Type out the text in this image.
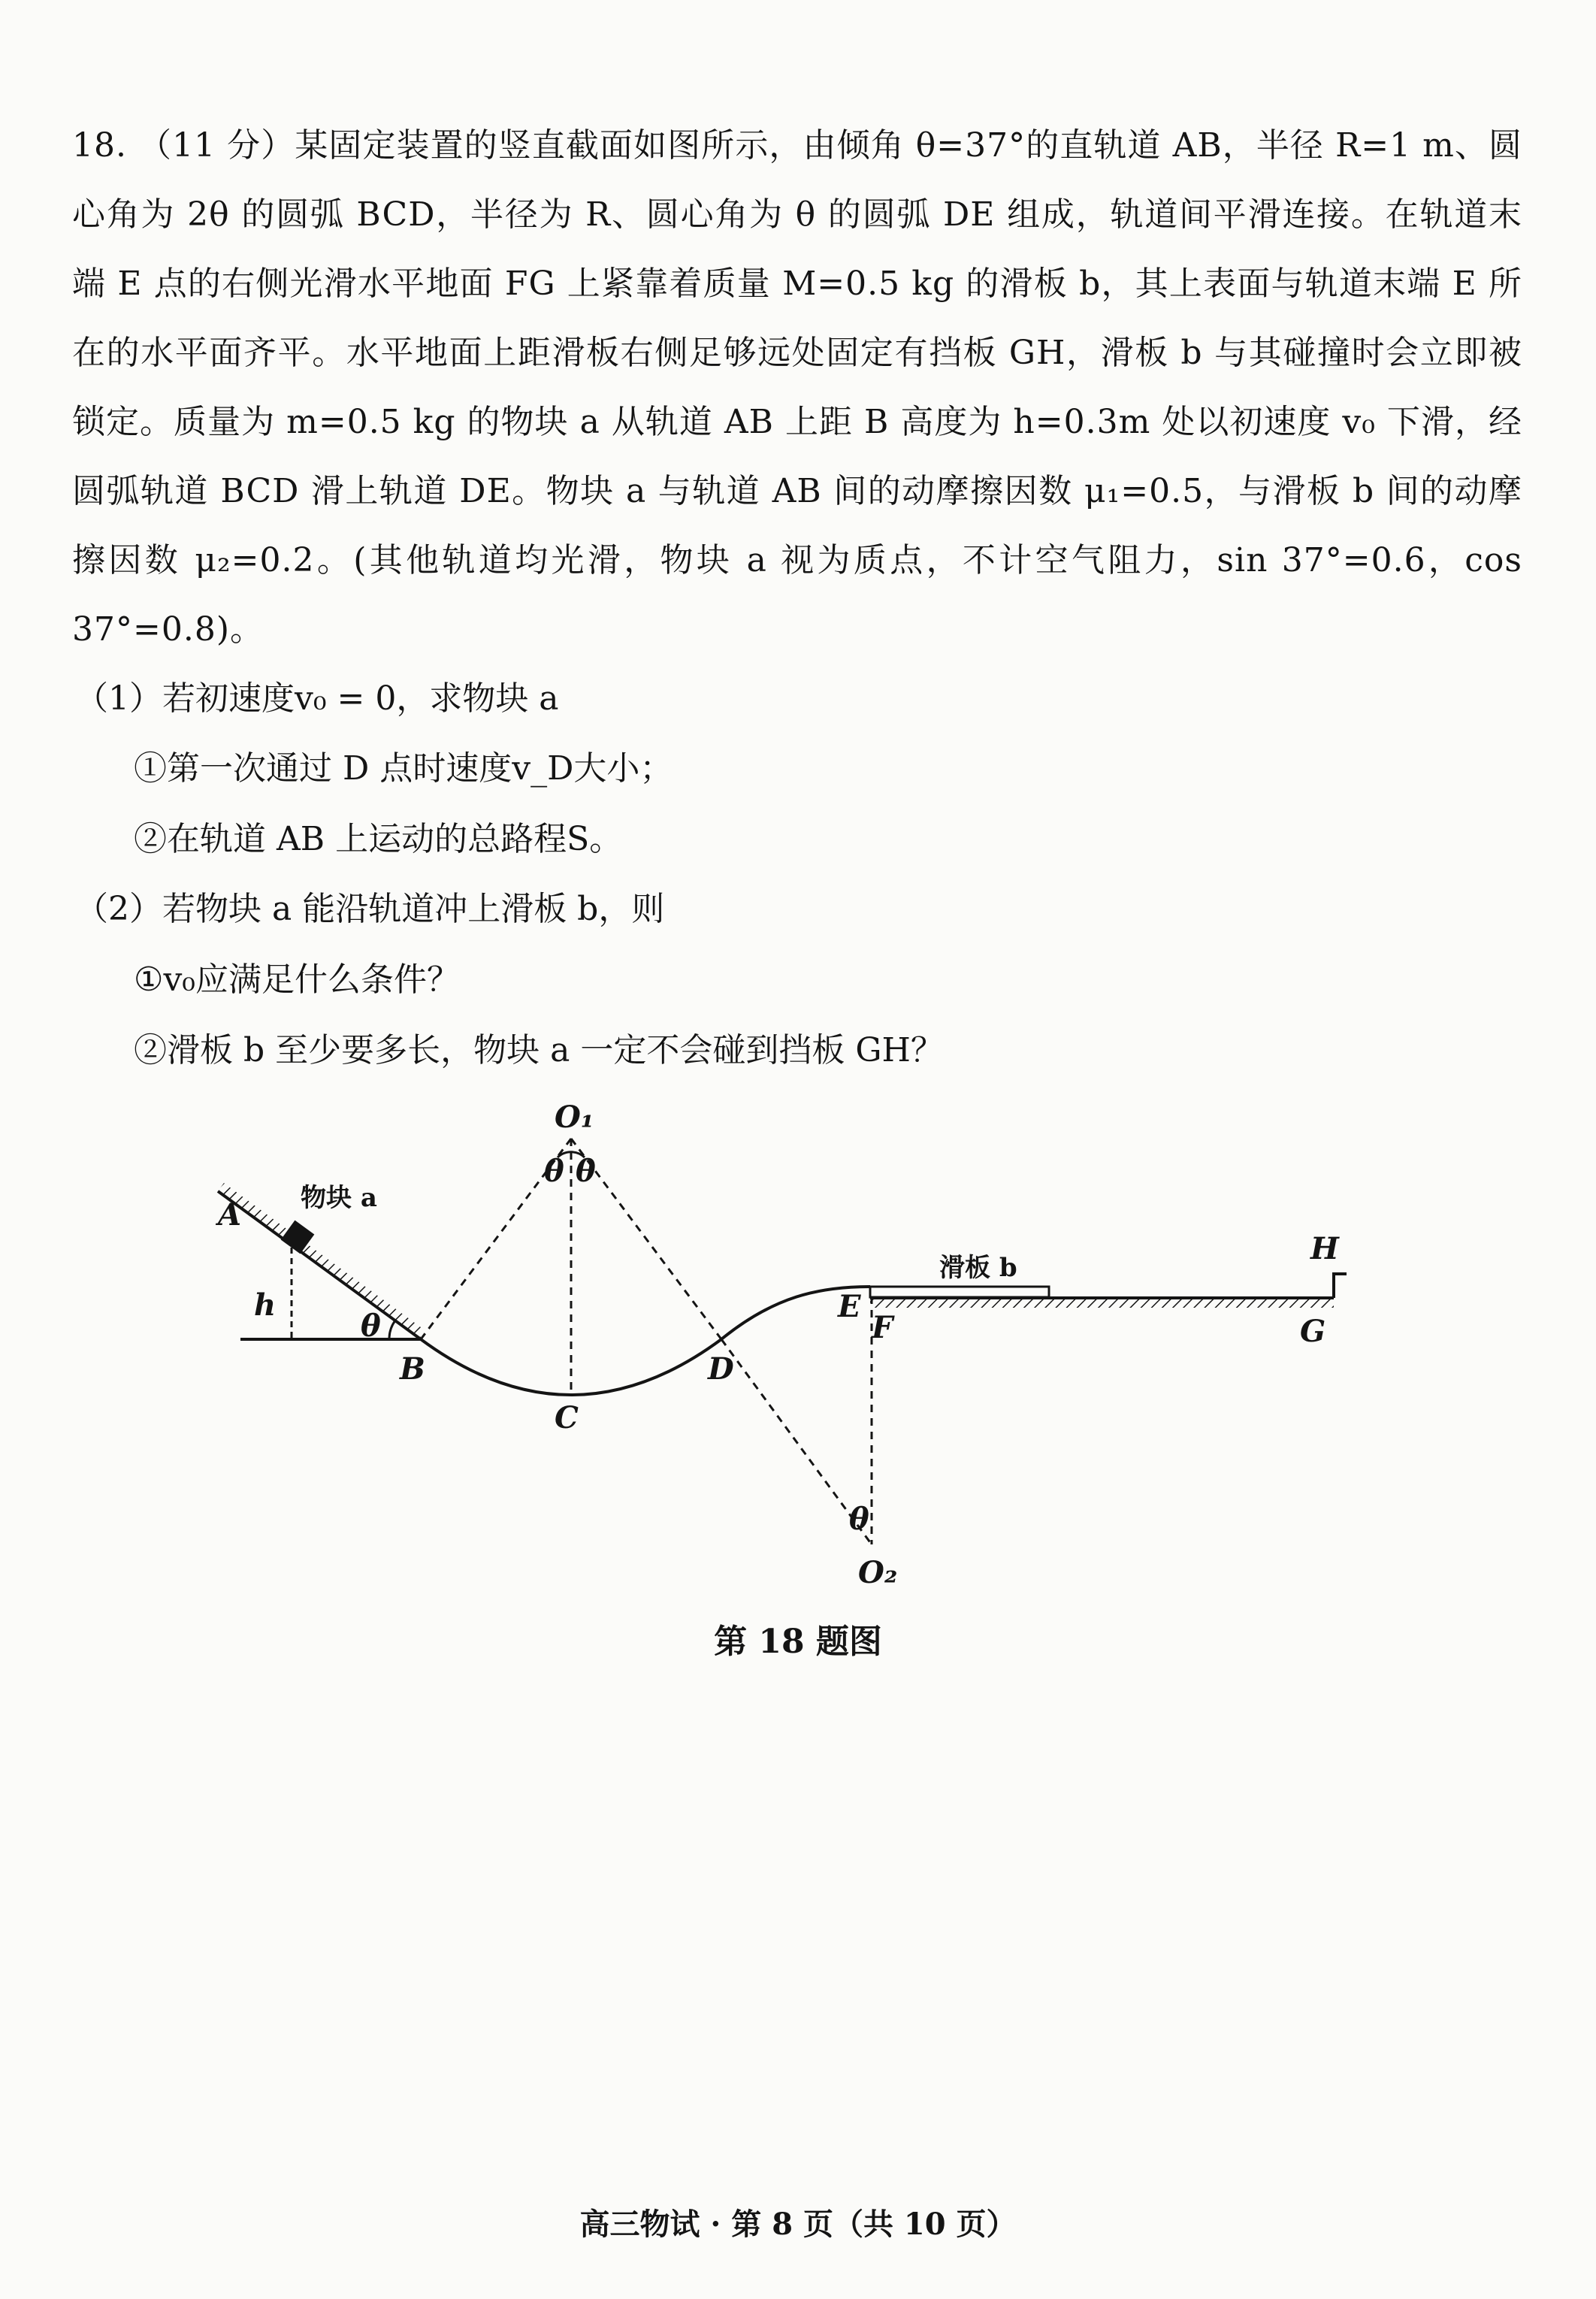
18. （11 分）某固定装置的竖直截面如图所示，由倾角 θ=37°的直轨道 AB，半径 R=1 m、圆心角为 2θ 的圆弧 BCD，半径为 R、圆心角为 θ 的圆弧 DE 组成，轨道间平滑连接。在轨道末端 E 点的右侧光滑水平地面 FG 上紧靠着质量 M=0.5 kg 的滑板 b，其上表面与轨道末端 E 所在的水平面齐平。水平地面上距滑板右侧足够远处固定有挡板 GH，滑板 b 与其碰撞时会立即被锁定。质量为 m=0.5 kg 的物块 a 从轨道 AB 上距 B 高度为 h=0.3m 处以初速度 v₀ 下滑，经圆弧轨道 BCD 滑上轨道 DE。物块 a 与轨道 AB 间的动摩擦因数 μ₁=0.5，与滑板 b 间的动摩擦因数 μ₂=0.2。(其他轨道均光滑，物块 a 视为质点，不计空气阻力，sin 37°=0.6，cos 37°=0.8)。

（1）若初速度v₀ = 0，求物块 a
①第一次通过 D 点时速度v_D大小；
②在轨道 AB 上运动的总路程S。
（2）若物块 a 能沿轨道冲上滑板 b，则
①v₀应满足什么条件？
②滑板 b 至少要多长，物块 a 一定不会碰到挡板 GH？
物块 a
h
θ
A
B
C
D
E
O₁
θ θ
O₂
θ
滑板 b
F	G
H
第 18 题图
高三物试 · 第 8 页（共 10 页）
